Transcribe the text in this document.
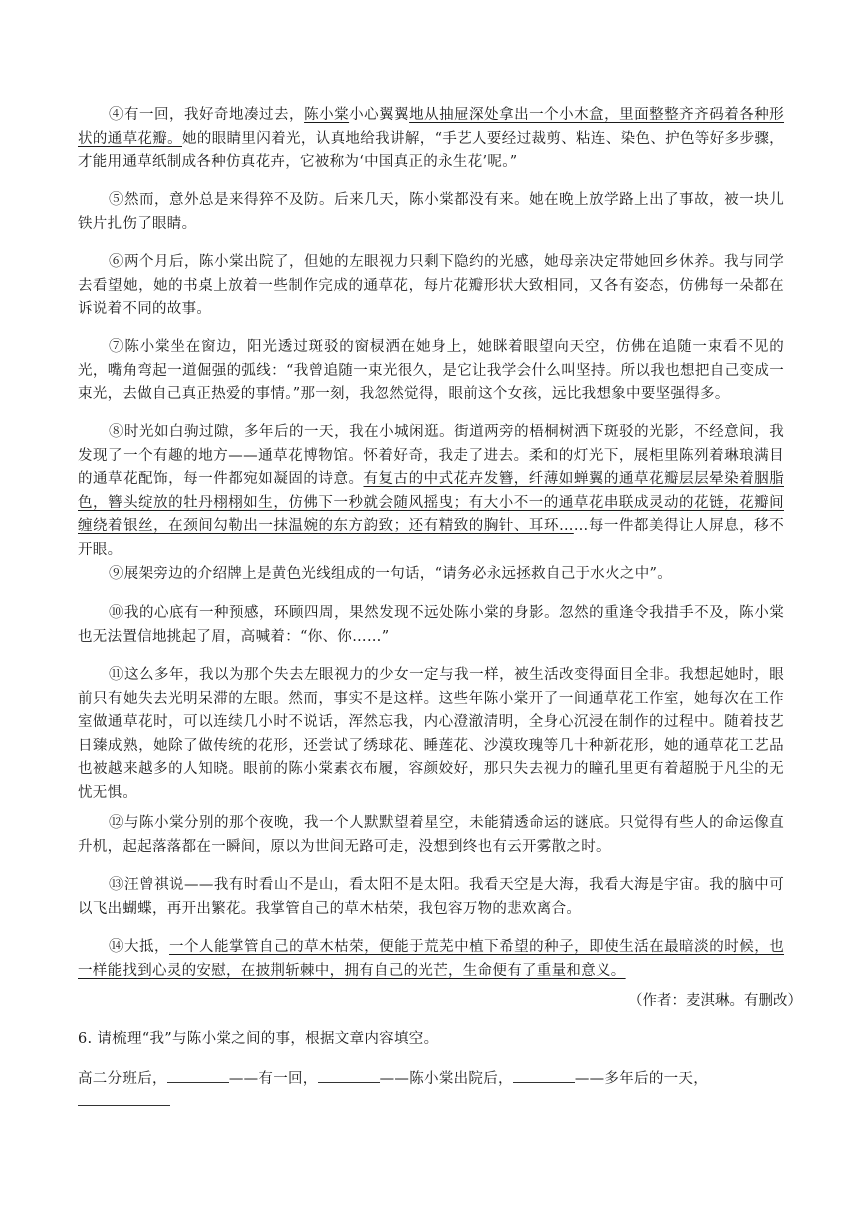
④有一回，我好奇地凑过去，陈小棠小心翼翼地从抽屉深处拿出一个小木盒，里面整整齐齐码着各种形状的通草花瓣。她的眼睛里闪着光，认真地给我讲解，“手艺人要经过裁剪、粘连、染色、护色等好多步骤，才能用通草纸制成各种仿真花卉，它被称为‘中国真正的永生花’呢。”

⑤然而，意外总是来得猝不及防。后来几天，陈小棠都没有来。她在晚上放学路上出了事故，被一块儿铁片扎伤了眼睛。

⑥两个月后，陈小棠出院了，但她的左眼视力只剩下隐约的光感，她母亲决定带她回乡休养。我与同学去看望她，她的书桌上放着一些制作完成的通草花，每片花瓣形状大致相同，又各有姿态，仿佛每一朵都在诉说着不同的故事。

⑦陈小棠坐在窗边，阳光透过斑驳的窗棂洒在她身上，她眯着眼望向天空，仿佛在追随一束看不见的光，嘴角弯起一道倔强的弧线：“我曾追随一束光很久，是它让我学会什么叫坚持。所以我也想把自己变成一束光，去做自己真正热爱的事情。”那一刻，我忽然觉得，眼前这个女孩，远比我想象中要坚强得多。

⑧时光如白驹过隙，多年后的一天，我在小城闲逛。街道两旁的梧桐树洒下斑驳的光影，不经意间，我发现了一个有趣的地方——通草花博物馆。怀着好奇，我走了进去。柔和的灯光下，展柜里陈列着琳琅满目的通草花配饰，每一件都宛如凝固的诗意。有复古的中式花卉发簪，纤薄如蝉翼的通草花瓣层层晕染着胭脂色，簪头绽放的牡丹栩栩如生，仿佛下一秒就会随风摇曳；有大小不一的通草花串联成灵动的花链，花瓣间缠绕着银丝，在颈间勾勒出一抹温婉的东方韵致；还有精致的胸针、耳环……每一件都美得让人屏息，移不开眼。

⑨展架旁边的介绍牌上是黄色光线组成的一句话，“请务必永远拯救自己于水火之中”。

⑩我的心底有一种预感，环顾四周，果然发现不远处陈小棠的身影。忽然的重逢令我措手不及，陈小棠也无法置信地挑起了眉，高喊着：“你、你……”

⑪这么多年，我以为那个失去左眼视力的少女一定与我一样，被生活改变得面目全非。我想起她时，眼前只有她失去光明呆滞的左眼。然而，事实不是这样。这些年陈小棠开了一间通草花工作室，她每次在工作室做通草花时，可以连续几小时不说话，浑然忘我，内心澄澈清明，全身心沉浸在制作的过程中。随着技艺日臻成熟，她除了做传统的花形，还尝试了绣球花、睡莲花、沙漠玫瑰等几十种新花形，她的通草花工艺品也被越来越多的人知晓。眼前的陈小棠素衣布履，容颜姣好，那只失去视力的瞳孔里更有着超脱于凡尘的无忧无惧。

⑫与陈小棠分别的那个夜晚，我一个人默默望着星空，未能猜透命运的谜底。只觉得有些人的命运像直升机，起起落落都在一瞬间，原以为世间无路可走，没想到终也有云开雾散之时。

⑬汪曾祺说——我有时看山不是山，看太阳不是太阳。我看天空是大海，我看大海是宇宙。我的脑中可以飞出蝴蝶，再开出繁花。我掌管自己的草木枯荣，我包容万物的悲欢离合。

⑭大抵，一个人能掌管自己的草木枯荣，便能于荒芜中植下希望的种子，即使生活在最暗淡的时候，也一样能找到心灵的安慰，在披荆斩棘中，拥有自己的光芒，生命便有了重量和意义。

（作者：麦淇琳。有删改）

6. 请梳理“我”与陈小棠之间的事，根据文章内容填空。

高二分班后，	——有一回，	——陈小棠出院后，	——多年后的一天，
